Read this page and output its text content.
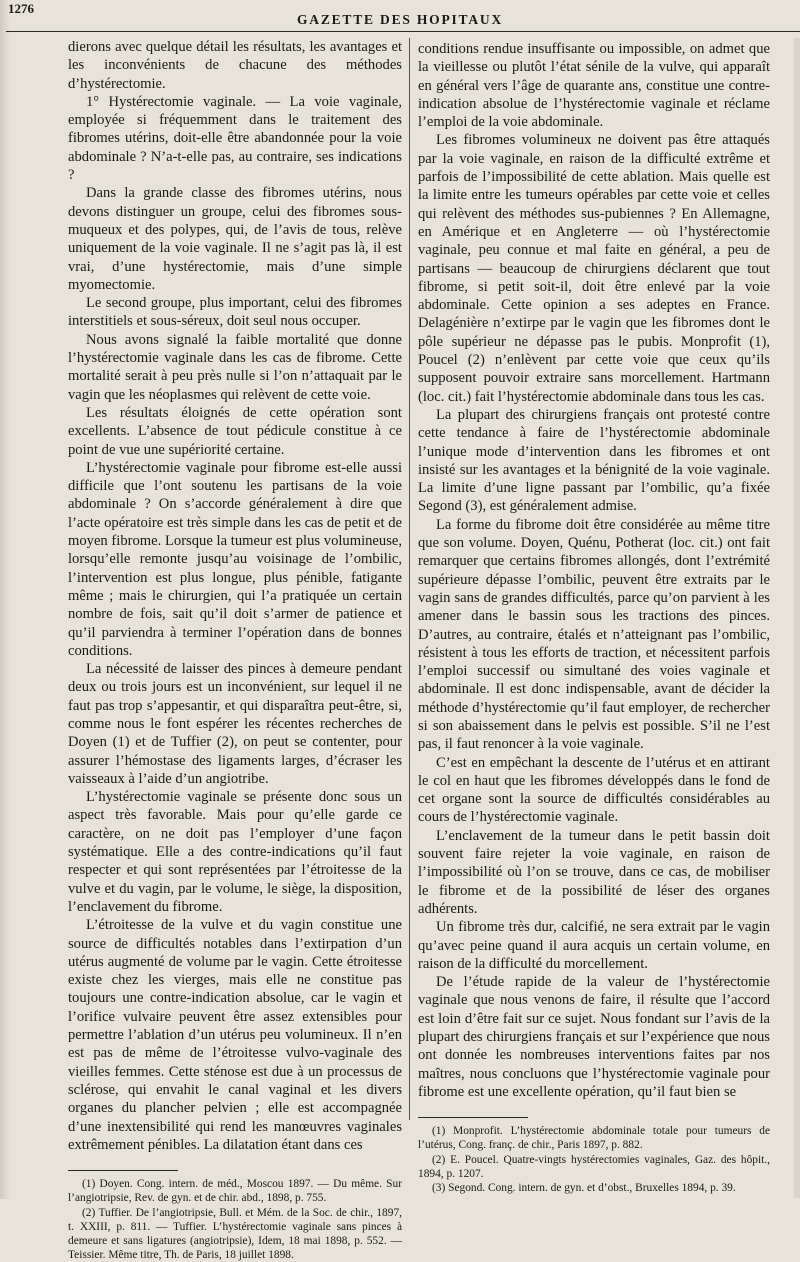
1276
GAZETTE DES HOPITAUX

dierons avec quelque détail les résultats, les avantages et les inconvénients de chacune des méthodes d’hystérectomie.

1° Hystérectomie vaginale. — La voie vaginale, employée si fréquemment dans le traitement des fibromes utérins, doit-elle être abandonnée pour la voie abdominale ? N’a-t-elle pas, au contraire, ses indications ?

Dans la grande classe des fibromes utérins, nous devons distinguer un groupe, celui des fibromes sous-muqueux et des polypes, qui, de l’avis de tous, relève uniquement de la voie vaginale. Il ne s’agit pas là, il est vrai, d’une hystérectomie, mais d’une simple myomectomie.

Le second groupe, plus important, celui des fibromes interstitiels et sous-séreux, doit seul nous occuper.

Nous avons signalé la faible mortalité que donne l’hystérectomie vaginale dans les cas de fibrome. Cette mortalité serait à peu près nulle si l’on n’attaquait par le vagin que les néoplasmes qui relèvent de cette voie.

Les résultats éloignés de cette opération sont excellents. L’absence de tout pédicule constitue à ce point de vue une supériorité certaine.

L’hystérectomie vaginale pour fibrome est-elle aussi difficile que l’ont soutenu les partisans de la voie abdominale ? On s’accorde généralement à dire que l’acte opératoire est très simple dans les cas de petit et de moyen fibrome. Lorsque la tumeur est plus volumineuse, lorsqu’elle remonte jusqu’au voisinage de l’ombilic, l’intervention est plus longue, plus pénible, fatigante même ; mais le chirurgien, qui l’a pratiquée un certain nombre de fois, sait qu’il doit s’armer de patience et qu’il parviendra à terminer l’opération dans de bonnes conditions.

La nécessité de laisser des pinces à demeure pendant deux ou trois jours est un inconvénient, sur lequel il ne faut pas trop s’appesantir, et qui disparaîtra peut-être, si, comme nous le font espérer les récentes recherches de Doyen (1) et de Tuffier (2), on peut se contenter, pour assurer l’hémostase des ligaments larges, d’écraser les vaisseaux à l’aide d’un angiotribe.

L’hystérectomie vaginale se présente donc sous un aspect très favorable. Mais pour qu’elle garde ce caractère, on ne doit pas l’employer d’une façon systématique. Elle a des contre-indications qu’il faut respecter et qui sont représentées par l’étroitesse de la vulve et du vagin, par le volume, le siège, la disposition, l’enclavement du fibrome.

L’étroitesse de la vulve et du vagin constitue une source de difficultés notables dans l’extirpation d’un utérus augmenté de volume par le vagin. Cette étroitesse existe chez les vierges, mais elle ne constitue pas toujours une contre-indication absolue, car le vagin et l’orifice vulvaire peuvent être assez extensibles pour permettre l’ablation d’un utérus peu volumineux. Il n’en est pas de même de l’étroitesse vulvo-vaginale des vieilles femmes. Cette sténose est due à un processus de sclérose, qui envahit le canal vaginal et les divers organes du plancher pelvien ; elle est accompagnée d’une inextensibilité qui rend les manœuvres vaginales extrêmement pénibles. La dilatation étant dans ces

(1) Doyen. Cong. intern. de méd., Moscou 1897. — Du même. Sur l’angiotripsie, Rev. de gyn. et de chir. abd., 1898, p. 755.

(2) Tuffier. De l’angiotripsie, Bull. et Mém. de la Soc. de chir., 1897, t. XXIII, p. 811. — Tuffier. L’hystérectomie vaginale sans pinces à demeure et sans ligatures (angiotripsie), Idem, 18 mai 1898, p. 552. — Teissier. Même titre, Th. de Paris, 18 juillet 1898.

conditions rendue insuffisante ou impossible, on admet que la vieillesse ou plutôt l’état sénile de la vulve, qui apparaît en général vers l’âge de quarante ans, constitue une contre-indication absolue de l’hystérectomie vaginale et réclame l’emploi de la voie abdominale.

Les fibromes volumineux ne doivent pas être attaqués par la voie vaginale, en raison de la difficulté extrême et parfois de l’impossibilité de cette ablation. Mais quelle est la limite entre les tumeurs opérables par cette voie et celles qui relèvent des méthodes sus-pubiennes ? En Allemagne, en Amérique et en Angleterre — où l’hystérectomie vaginale, peu connue et mal faite en général, a peu de partisans — beaucoup de chirurgiens déclarent que tout fibrome, si petit soit-il, doit être enlevé par la voie abdominale. Cette opinion a ses adeptes en France. Delagénière n’extirpe par le vagin que les fibromes dont le pôle supérieur ne dépasse pas le pubis. Monprofit (1), Poucel (2) n’enlèvent par cette voie que ceux qu’ils supposent pouvoir extraire sans morcellement. Hartmann (loc. cit.) fait l’hystérectomie abdominale dans tous les cas.

La plupart des chirurgiens français ont protesté contre cette tendance à faire de l’hystérectomie abdominale l’unique mode d’intervention dans les fibromes et ont insisté sur les avantages et la bénignité de la voie vaginale. La limite d’une ligne passant par l’ombilic, qu’a fixée Segond (3), est généralement admise.

La forme du fibrome doit être considérée au même titre que son volume. Doyen, Quénu, Potherat (loc. cit.) ont fait remarquer que certains fibromes allongés, dont l’extrémité supérieure dépasse l’ombilic, peuvent être extraits par le vagin sans de grandes difficultés, parce qu’on parvient à les amener dans le bassin sous les tractions des pinces. D’autres, au contraire, étalés et n’atteignant pas l’ombilic, résistent à tous les efforts de traction, et nécessitent parfois l’emploi successif ou simultané des voies vaginale et abdominale. Il est donc indispensable, avant de décider la méthode d’hystérectomie qu’il faut employer, de rechercher si son abaissement dans le pelvis est possible. S’il ne l’est pas, il faut renoncer à la voie vaginale.

C’est en empêchant la descente de l’utérus et en attirant le col en haut que les fibromes développés dans le fond de cet organe sont la source de difficultés considérables au cours de l’hystérectomie vaginale.

L’enclavement de la tumeur dans le petit bassin doit souvent faire rejeter la voie vaginale, en raison de l’impossibilité où l’on se trouve, dans ce cas, de mobiliser le fibrome et de la possibilité de léser des organes adhérents.

Un fibrome très dur, calcifié, ne sera extrait par le vagin qu’avec peine quand il aura acquis un certain volume, en raison de la difficulté du morcellement.

De l’étude rapide de la valeur de l’hystérectomie vaginale que nous venons de faire, il résulte que l’accord est loin d’être fait sur ce sujet. Nous fondant sur l’avis de la plupart des chirurgiens français et sur l’expérience que nous ont donnée les nombreuses interventions faites par nos maîtres, nous concluons que l’hystérectomie vaginale pour fibrome est une excellente opération, qu’il faut bien se

(1) Monprofit. L’hystérectomie abdominale totale pour tumeurs de l’utérus, Cong. franç. de chir., Paris 1897, p. 882.

(2) E. Poucel. Quatre-vingts hystérectomies vaginales, Gaz. des hôpit., 1894, p. 1207.

(3) Segond. Cong. intern. de gyn. et d’obst., Bruxelles 1894, p. 39.
